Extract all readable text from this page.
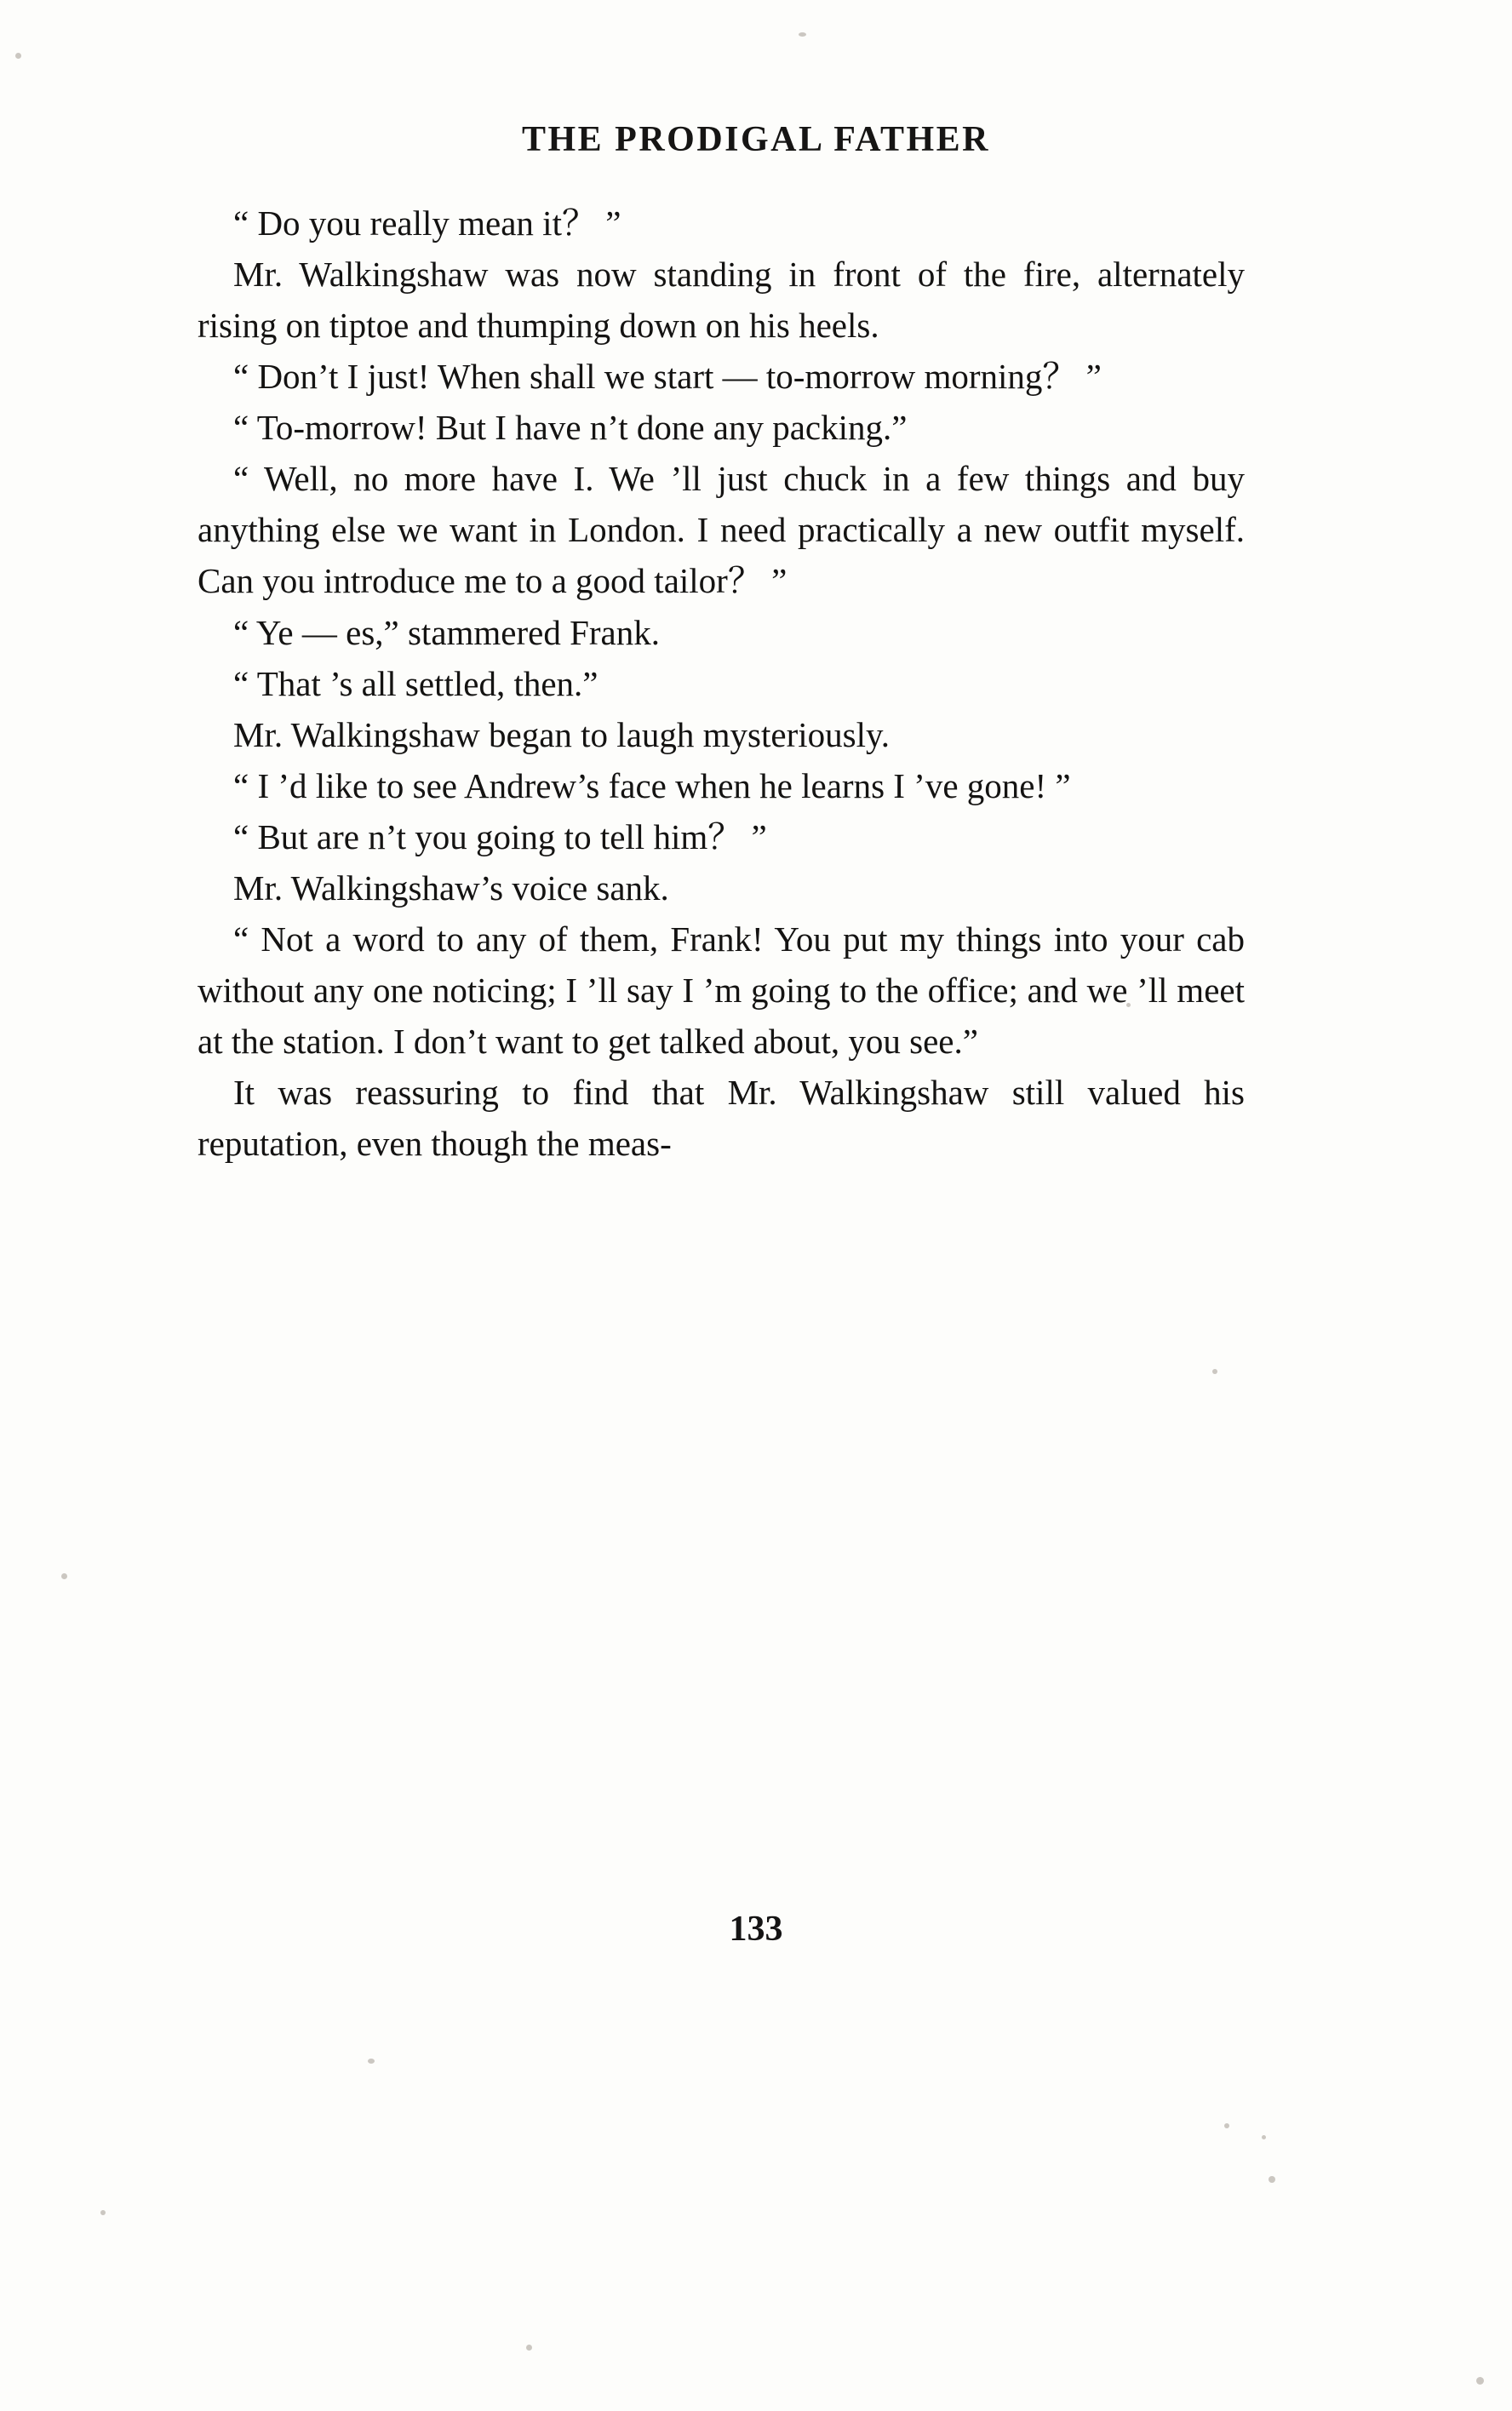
THE PRODIGAL FATHER

“ Do you really mean it？ ”

Mr. Walkingshaw was now standing in front of the fire, alternately rising on tiptoe and thumping down on his heels.

“ Don’t I just! When shall we start — to-morrow morning？ ”

“ To-morrow! But I have n’t done any packing.”

“ Well, no more have I. We ’ll just chuck in a few things and buy anything else we want in London. I need practically a new outfit myself. Can you introduce me to a good tailor？ ”

“ Ye — es,” stammered Frank.

“ That ’s all settled, then.”

Mr. Walkingshaw began to laugh mysteriously.

“ I ’d like to see Andrew’s face when he learns I ’ve gone! ”

“ But are n’t you going to tell him？ ”

Mr. Walkingshaw’s voice sank.

“ Not a word to any of them, Frank! You put my things into your cab without any one noticing; I ’ll say I ’m going to the office; and we ’ll meet at the station. I don’t want to get talked about, you see.”

It was reassuring to find that Mr. Walkingshaw still valued his reputation, even though the meas-

133
